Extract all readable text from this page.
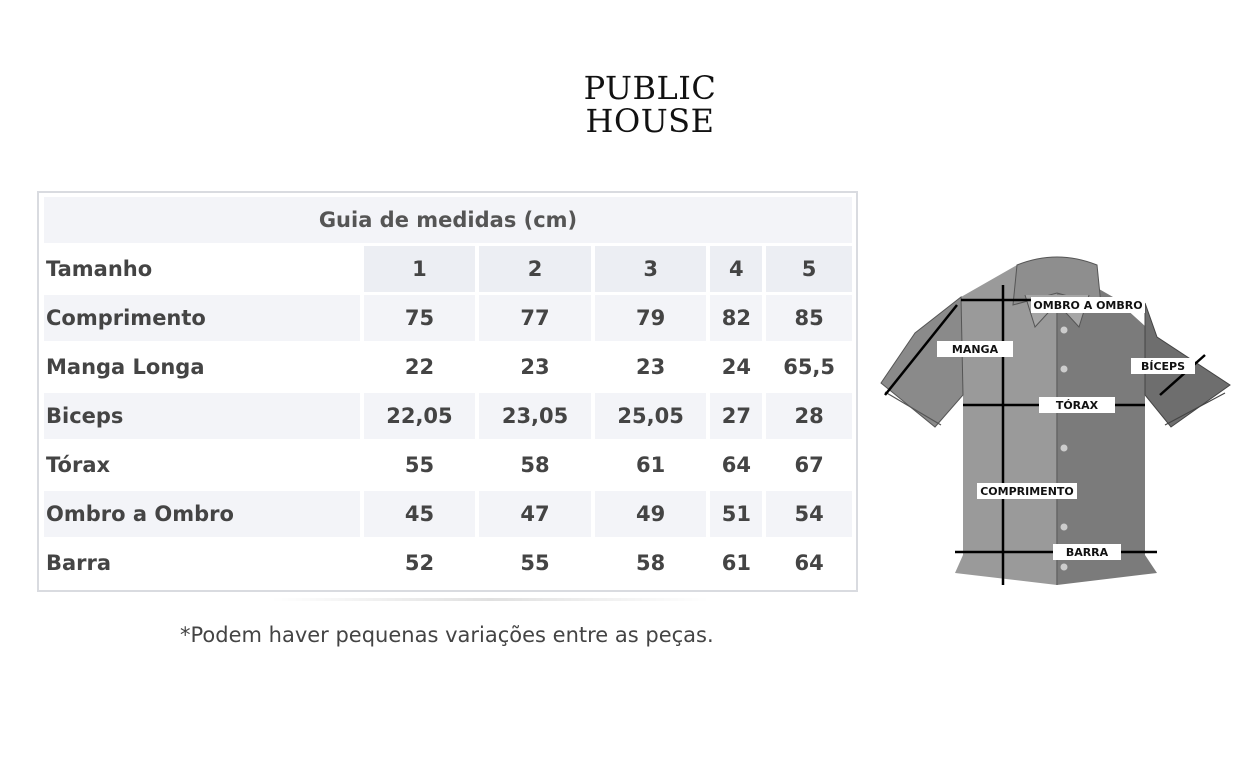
PUBLIC
HOUSE
Guia de medidas (cm)					
Tamanho	1	2	3	4	5
Comprimento	75	77	79	82	85
Manga Longa	22	23	23	24	65,5
Biceps	22,05	23,05	25,05	27	28
Tórax	55	58	61	64	67
Ombro a Ombro	45	47	49	51	54
Barra	52	55	58	61	64
*Podem haver pequenas variações entre as peças.
OMBRO A OMBRO
MANGA
BÍCEPS
TÓRAX
COMPRIMENTO
BARRA
